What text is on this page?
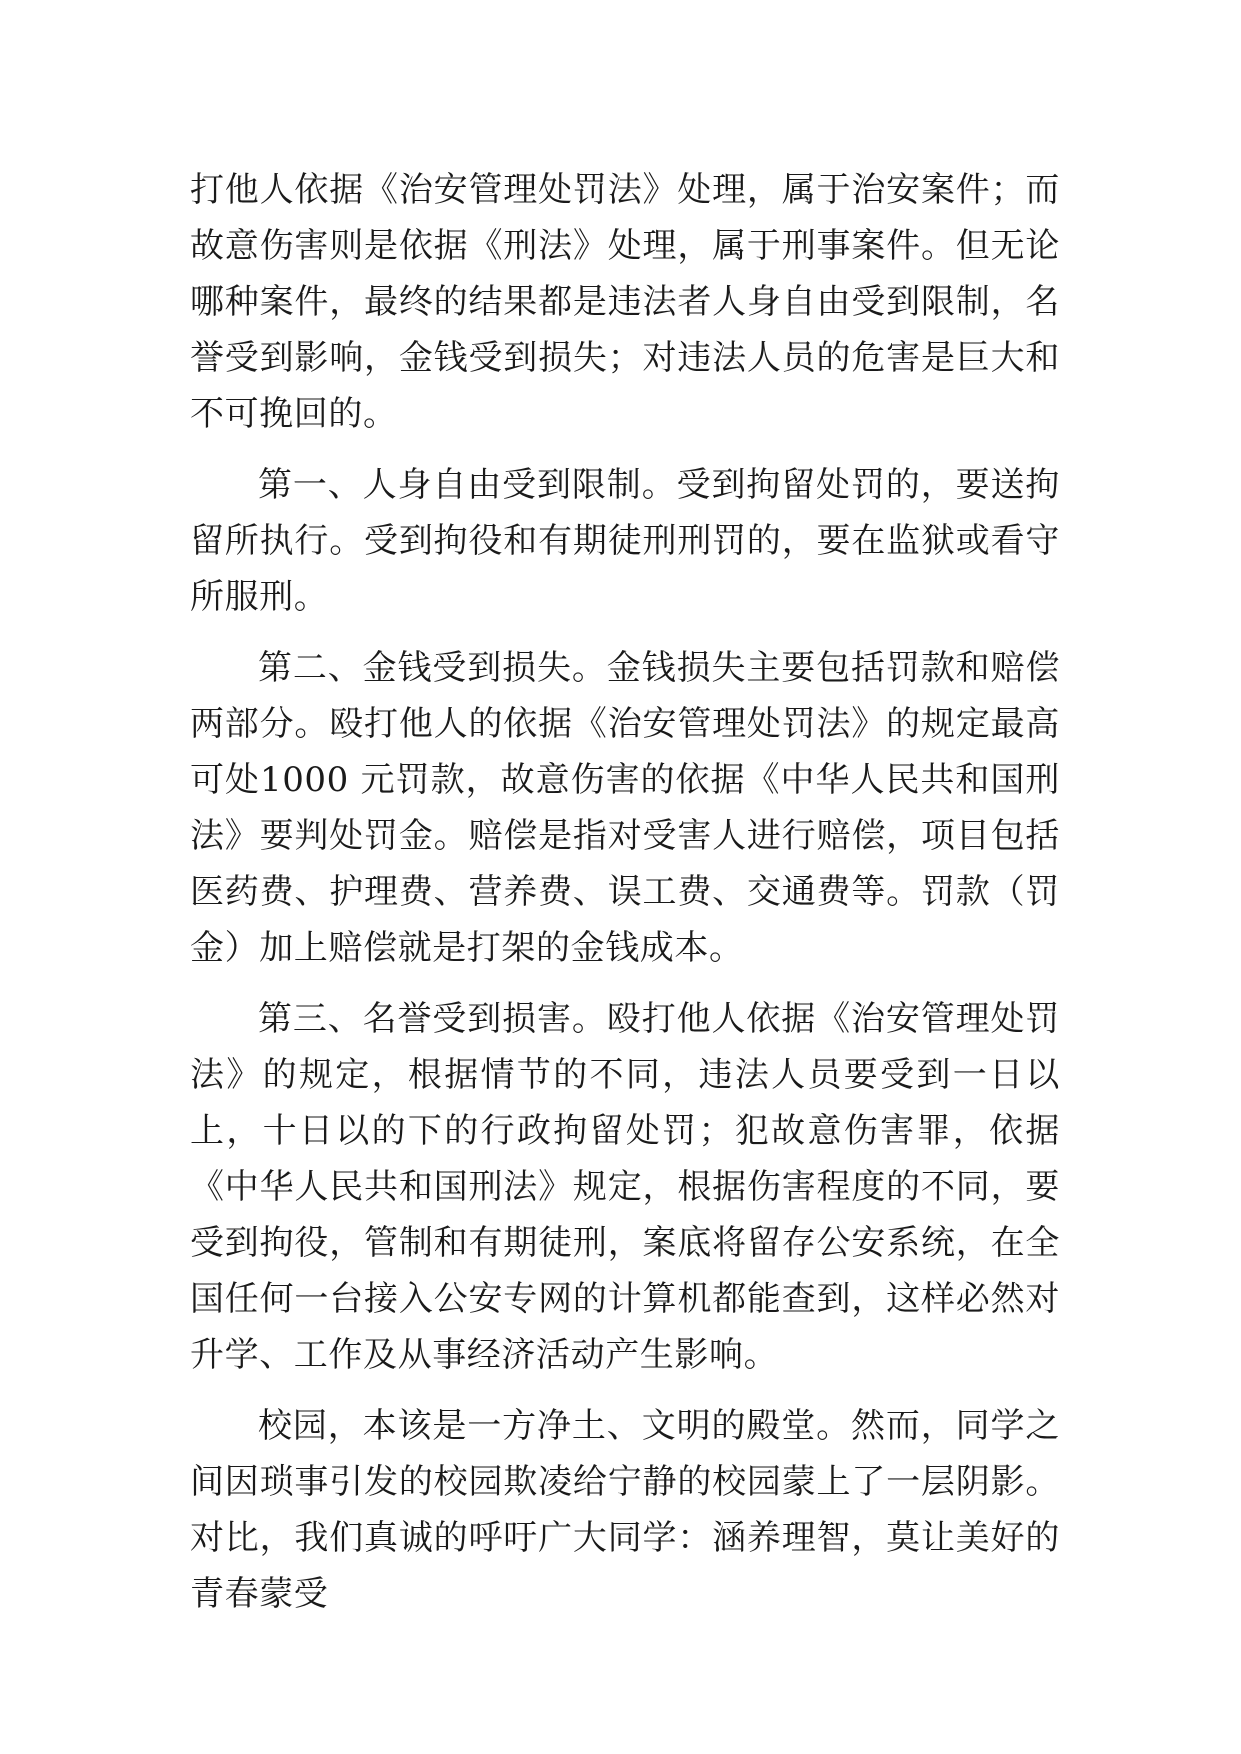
打他人依据《治安管理处罚法》处理，属于治安案件；而故意伤害则是依据《刑法》处理，属于刑事案件。但无论哪种案件，最终的结果都是违法者人身自由受到限制，名誉受到影响，金钱受到损失；对违法人员的危害是巨大和不可挽回的。

第一、人身自由受到限制。受到拘留处罚的，要送拘留所执行。受到拘役和有期徒刑刑罚的，要在监狱或看守所服刑。

第二、金钱受到损失。金钱损失主要包括罚款和赔偿两部分。殴打他人的依据《治安管理处罚法》的规定最高可处1000 元罚款，故意伤害的依据《中华人民共和国刑法》要判处罚金。赔偿是指对受害人进行赔偿，项目包括医药费、护理费、营养费、误工费、交通费等。罚款（罚金）加上赔偿就是打架的金钱成本。

第三、名誉受到损害。殴打他人依据《治安管理处罚法》的规定，根据情节的不同，违法人员要受到一日以上，十日以的下的行政拘留处罚；犯故意伤害罪，依据《中华人民共和国刑法》规定，根据伤害程度的不同，要受到拘役，管制和有期徒刑，案底将留存公安系统，在全国任何一台接入公安专网的计算机都能查到，这样必然对升学、工作及从事经济活动产生影响。

校园，本该是一方净土、文明的殿堂。然而，同学之间因琐事引发的校园欺凌给宁静的校园蒙上了一层阴影。对比，我们真诚的呼吁广大同学：涵养理智，莫让美好的青春蒙受
